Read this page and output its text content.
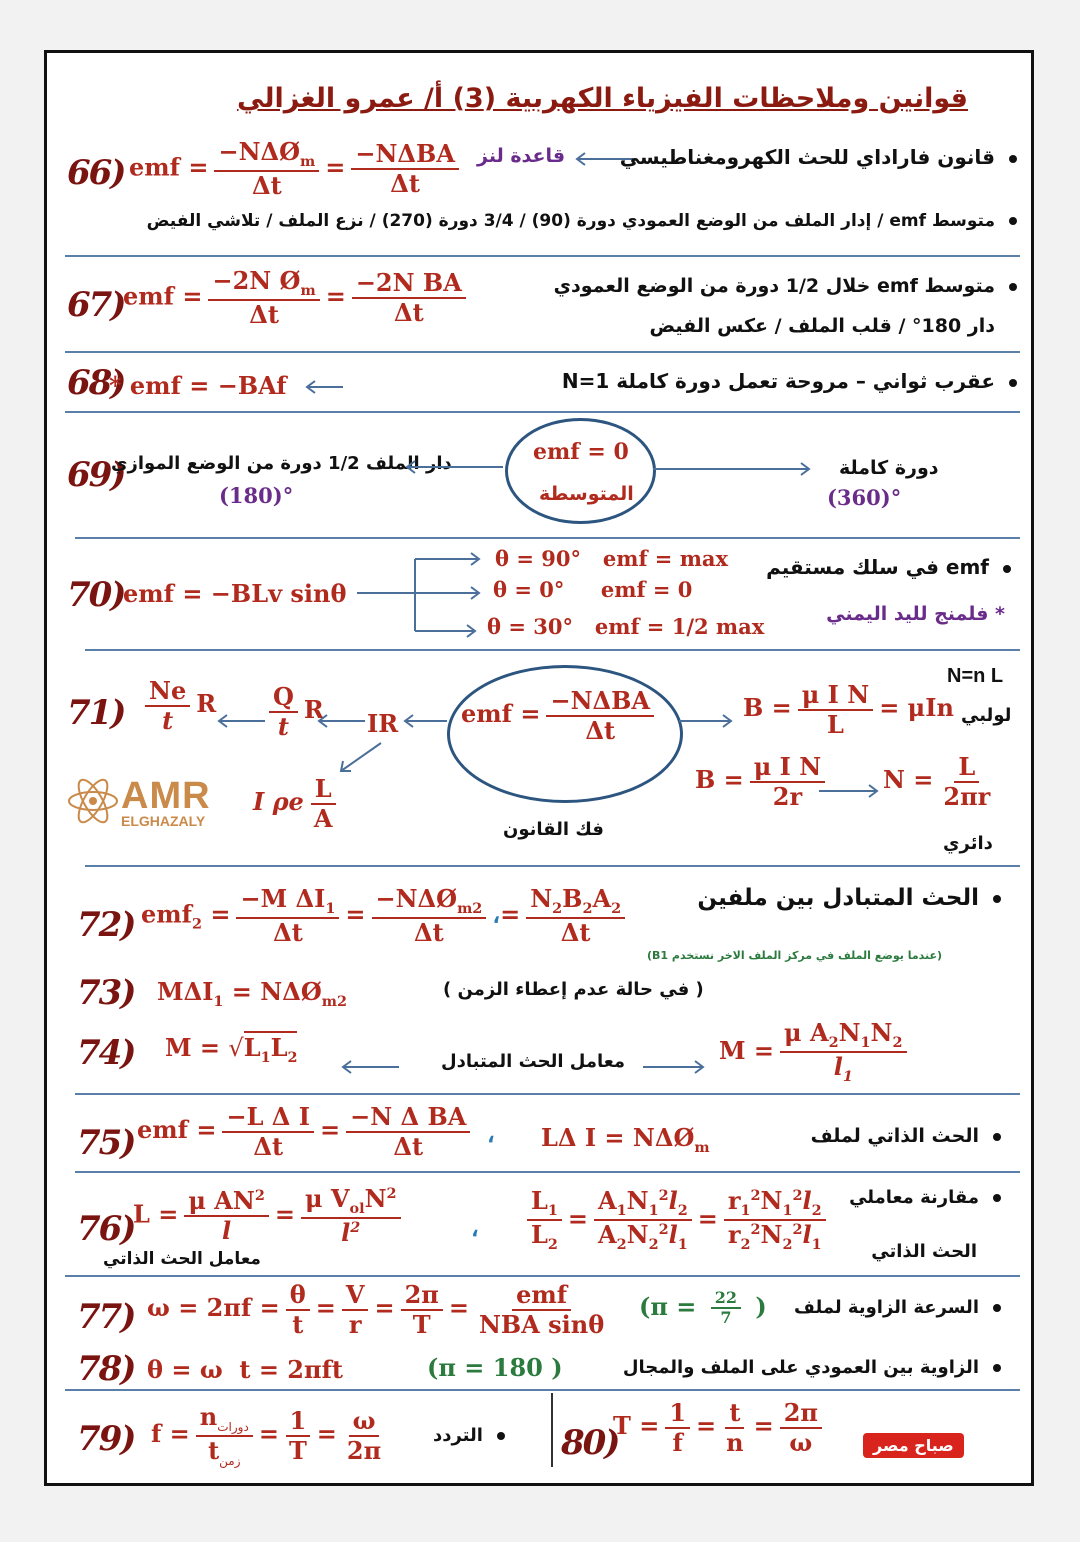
قوانين وملاحظات الفيزياء الكهربية (3) أ/ عمرو الغزالي
66) emf = $\frac{-N\Delta Ø_m}{\Delta t} = \frac{\text{−NΔBA}}{\Delta t}$ قاعدة لنز	قانون فاراداي للحث الكهرومغناطيسي
متوسط emf / إدار الملف من الوضع العمودي دورة (90) / 3/4 دورة (270) / نزع الملف / تلاشي الفيض
67)
emf = $\frac{-2N Ø_m}{\Delta t} = \frac{\text{−2N BA}}{\Delta t}$	متوسط emf خلال 1/2 دورة من الوضع العمودي
دار 180° / قلب الملف / عكس الفيض
68)
* emf = −BAf	عقرب ثواني – مروحة تعمل دورة كاملة N=1
69)
دار الملف 1/2 دورة من الوضع الموازي
(180)°
emf = 0
المتوسطة
دورة كاملة
(360)°
70)
emf = −BLv sinθ
θ = 90°   emf = max
θ = 0°     emf = 0
θ = 30°   emf = 1/2 max
emf في سلك مستقيم
* فلمنج لليد اليمني
$71) \frac{Ne}{t}$ R $\frac{Q}{t}$ R IR
I ρe $\frac{L}{A}$
emf = $\frac{\text{−NΔBA}}{\Delta t}$
فك القانون
$B = \frac{\text{μ I N}}{L} = \mu In$
N=n L
لولبي
$B = \frac{\text{μ I N}}{2r}$ $N = \frac{L}{2\pi r}$
دائري
AMR
ELGHAZALY
72) $emf_2 = \frac{-M \Delta I_1}{\Delta t} = \frac{-N\Delta Ø_{m2}}{\Delta t}$ ،= $\frac{N_2B_2A_2}{\Delta t}$	الحث المتبادل بين ملفين
(عندما يوضع الملف في مركز الملف الاخر نستخدم B1)
73) $M\Delta I_1$ = $N\Delta Ø_{m2}$
( في حالة عدم إعطاء الزمن )
74) $M = √L_1L_2$	معامل الحث المتبادل	$M = \frac{\mu A_2N_1N_2}{l_1}$
75) emf = $\frac{\text{−L Δ I}}{\Delta t} = \frac{\text{−N Δ BA}}{\Delta t}$ ، LΔ $I = N\Delta Ø_m$
الحث الذاتي لملف
76)
$L = \frac{\mu AN^2}{l} = \frac{\mu V_{ol}N^2}{l^2}$
معامل الحث الذاتي
، $\frac{L_1}{L_2} = \frac{A_1N_1^2l_2}{A_2N_2^2l_1} = \frac{r_1^2N_1^2l_2}{r_2^2N_2^2l_1}$ مقارنة معاملي
الحث الذاتي
77) $\omega = 2\pi f = \frac{\theta}{t} = \frac{V}{r} = \frac{2\pi}{T} = \frac{\text{emf}}{\text{NBA sinθ}} (\pi = \frac{22}{7}$ ) السرعة الزاوية لملف
78) θ = ω  t = 2πft	(π = 180 )	الزاوية بين العمودي على الملف والمجال
79) $f = \frac{n_{دورات}}{t_{زمن}} = \frac{1}{T} = \frac{\omega}{2\pi}$	التردد	80)
$T = \frac{1}{f} = \frac{t}{n} = \frac{2\pi}{\omega}$	صباح مصر
